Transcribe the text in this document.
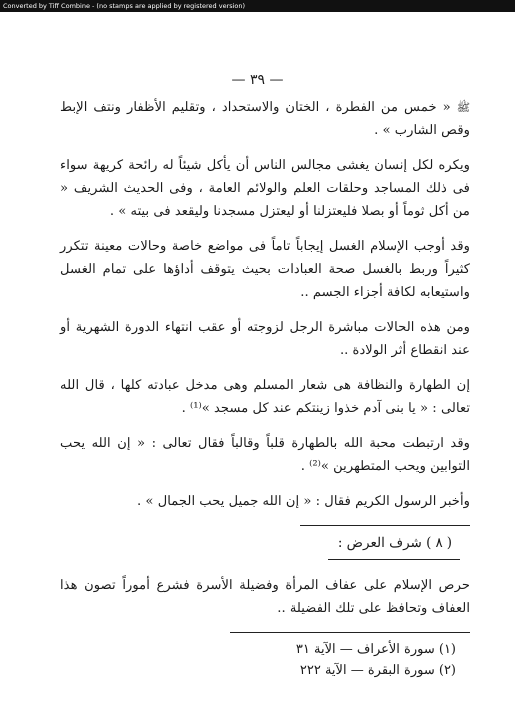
Converted by Tiff Combine - (no stamps are applied by registered version)
— ٣٩ —

ﷺ « خمس من الفطرة ، الختان والاستحداد ، وتقليم الأظفار ونتف الإبط وقص الشارب » .

ويكره لكل إنسان يغشى مجالس الناس أن يأكل شيئاً له رائحة كريهة سواء فى ذلك المساجد وحلقات العلم والولائم العامة ، وفى الحديث الشريف « من أكل ثوماً أو بصلا فليعتزلنا أو ليعتزل مسجدنا وليقعد فى بيته » .

وقد أوجب الإسلام الغسل إيجاباً تاماً فى مواضع خاصة وحالات معينة تتكرر كثيراً وربط بالغسل صحة العبادات بحيث يتوقف أداؤها على تمام الغسل واستيعابه لكافة أجزاء الجسم ..

ومن هذه الحالات مباشرة الرجل لزوجته أو عقب انتهاء الدورة الشهرية أو عند انقطاع أثر الولادة ..

إن الطهارة والنظافة هى شعار المسلم وهى مدخل عبادته كلها ، قال الله تعالى : « يا بنى آدم خذوا زينتكم عند كل مسجد »⁽¹⁾ .

وقد ارتبطت محبة الله بالطهارة قلباً وقالباً فقال تعالى : « إن الله يحب التوابين ويحب المتطهرين »⁽²⁾ .

وأخبر الرسول الكريم فقال : « إن الله جميل يحب الجمال » .

(٨) شرف العرض :

حرص الإسلام على عفاف المرأة وفضيلة الأسرة فشرع أموراً تصون هذا العفاف وتحافظ على تلك الفضيلة ..

(١) سورة الأعراف — الآية ٣١
(٢) سورة البقرة — الآية ٢٢٢
